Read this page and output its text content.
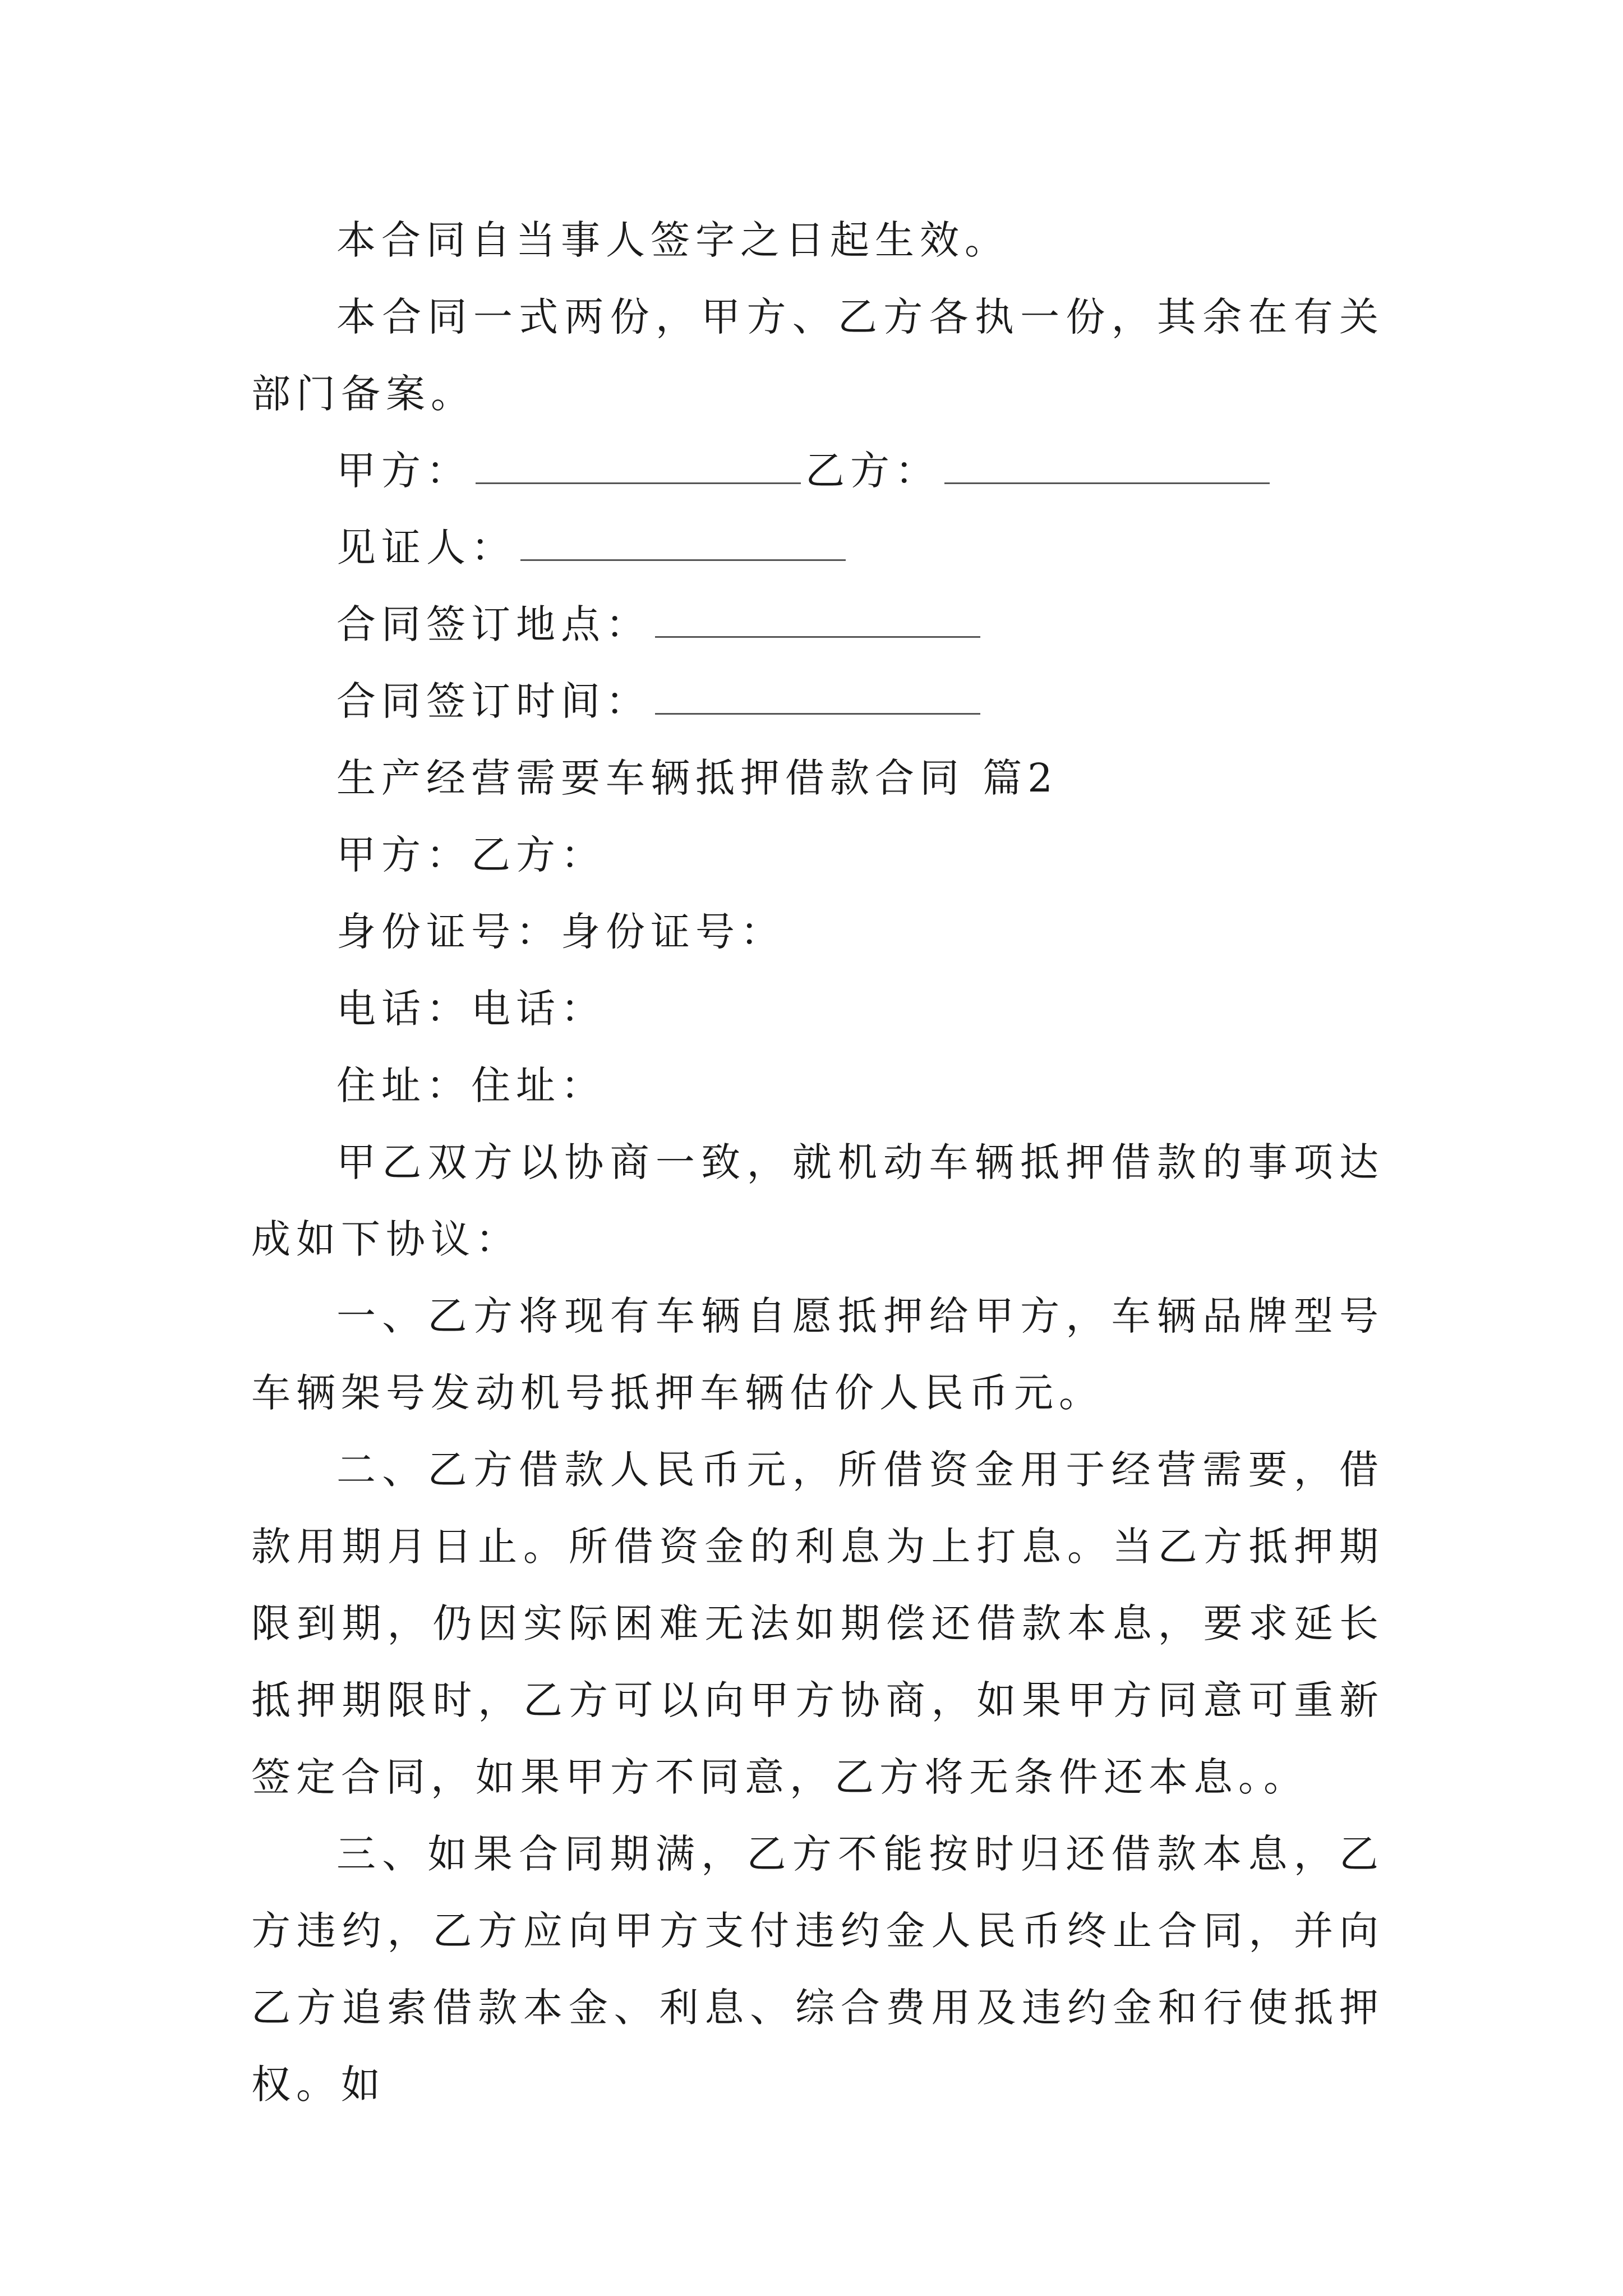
本合同自当事人签字之日起生效。

本合同一式两份，甲方、乙方各执一份，其余在有关部门备案。

甲方：	乙方：

见证人：

合同签订地点：

合同签订时间：

生产经营需要车辆抵押借款合同 篇2

甲方：乙方：

身份证号：身份证号：

电话：电话：

住址：住址：

甲乙双方以协商一致，就机动车辆抵押借款的事项达成如下协议：

一、乙方将现有车辆自愿抵押给甲方，车辆品牌型号车辆架号发动机号抵押车辆估价人民币元。

二、乙方借款人民币元，所借资金用于经营需要，借款用期月日止。所借资金的利息为上打息。当乙方抵押期限到期，仍因实际困难无法如期偿还借款本息，要求延长抵押期限时，乙方可以向甲方协商，如果甲方同意可重新签定合同，如果甲方不同意，乙方将无条件还本息。。

三、如果合同期满，乙方不能按时归还借款本息，乙方违约，乙方应向甲方支付违约金人民币终止合同，并向乙方追索借款本金、利息、综合费用及违约金和行使抵押权。如
